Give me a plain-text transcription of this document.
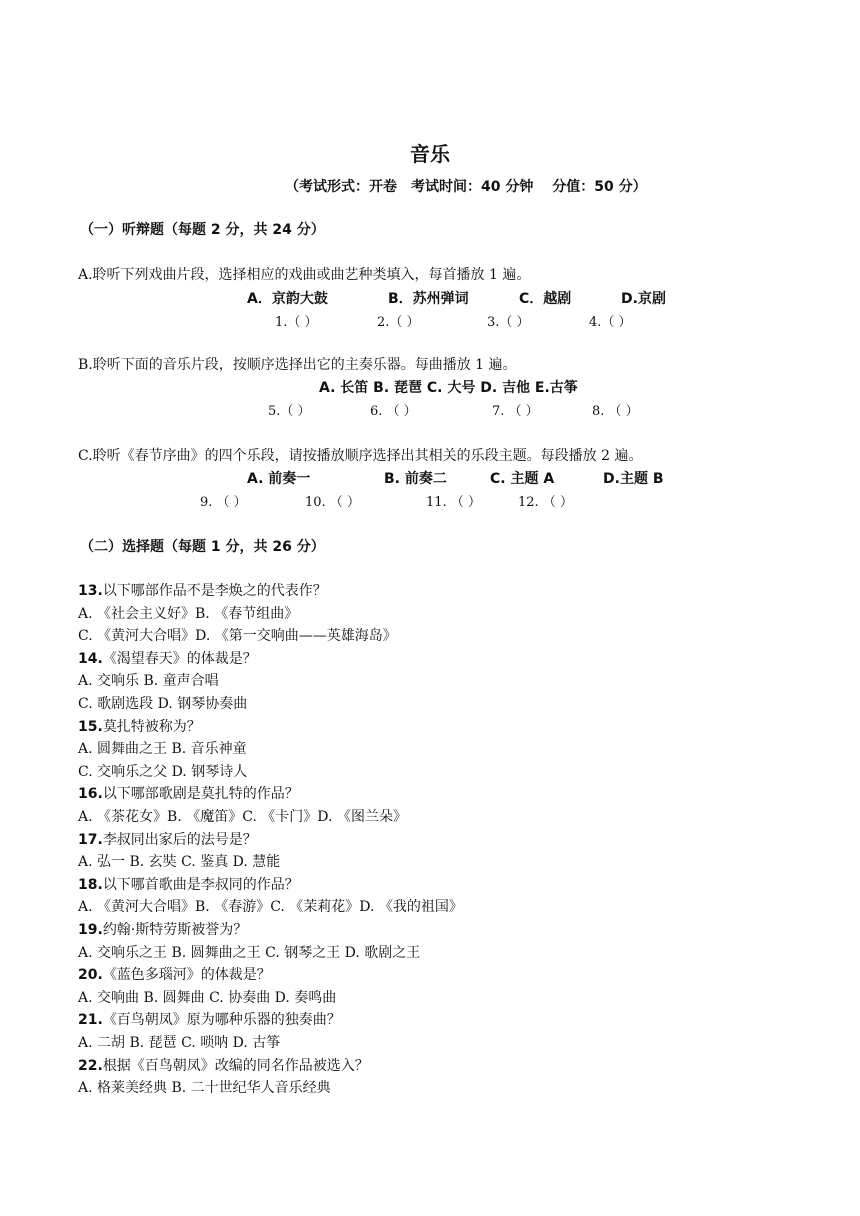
音乐
（考试形式：开卷　考试时间：40 分钟　 分值：50 分）
（一）听辩题（每题 2 分，共 24 分）
A.聆听下列戏曲片段，选择相应的戏曲或曲艺种类填入，每首播放 1 遍。
A．京韵大鼓	B．苏州弹词	C．越剧	D.京剧
1.（ ）	2.（ ）	3.（ ）	4.（ ）
B.聆听下面的音乐片段，按顺序选择出它的主奏乐器。每曲播放 1 遍。
A. 长笛 B. 琵琶 C. 大号 D. 吉他 E.古筝
5.（ ）	6. （ ）	7. （ ）	8. （ ）
C.聆听《春节序曲》的四个乐段，请按播放顺序选择出其相关的乐段主题。每段播放 2 遍。
A. 前奏一	B. 前奏二	C. 主题 A	D.主题 B
9. （ ）	10. （ ）	11. （ ）	12. （ ）
（二）选择题（每题 1 分，共 26 分）
13.以下哪部作品不是李焕之的代表作？
A. 《社会主义好》B. 《春节组曲》
C. 《黄河大合唱》D. 《第一交响曲——英雄海岛》
14.《渴望春天》的体裁是？
A. 交响乐 B. 童声合唱
C. 歌剧选段 D. 钢琴协奏曲
15.莫扎特被称为？
A. 圆舞曲之王 B. 音乐神童
C. 交响乐之父 D. 钢琴诗人
16.以下哪部歌剧是莫扎特的作品？
A. 《茶花女》B. 《魔笛》C. 《卡门》D. 《图兰朵》
17.李叔同出家后的法号是？
A. 弘一 B. 玄奘 C. 鉴真 D. 慧能
18.以下哪首歌曲是李叔同的作品？
A. 《黄河大合唱》B. 《春游》C. 《茉莉花》D. 《我的祖国》
19.约翰·斯特劳斯被誉为？
A. 交响乐之王 B. 圆舞曲之王 C. 钢琴之王 D. 歌剧之王
20.《蓝色多瑙河》的体裁是？
A. 交响曲 B. 圆舞曲 C. 协奏曲 D. 奏鸣曲
21.《百鸟朝凤》原为哪种乐器的独奏曲？
A. 二胡 B. 琵琶 C. 唢呐 D. 古筝
22.根据《百鸟朝凤》改编的同名作品被选入？
A. 格莱美经典 B. 二十世纪华人音乐经典
